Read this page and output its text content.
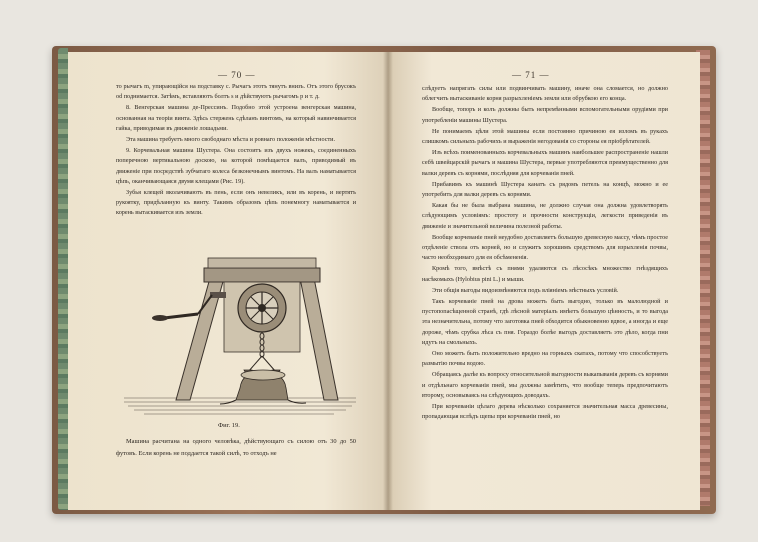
— 70 —

то рычагъ m, упирающійся на подставку c. Рычагъ этотъ тянутъ внизъ. Отъ этого брусокъ od поднимается. Затѣмъ, вставляютъ болтъ s и дѣйствуютъ рычагомъ p и т. д.

8. Венгерская машина де-Прессинъ. Подобно этой устроена венгерская машина, основанная на теоріи винта. Здѣсь стержень сдѣланъ винтомъ, на который навинчивается гайка, приводимая въ движеніе лошадьми.

Эта машина требуетъ много свободнаго мѣста и ровнаго положенія мѣстности.

9. Корчевальная машина Шустера. Она состоитъ изъ двухъ ножекъ, соединенныхъ поперечною вертикальною доскою, на которой помѣщается валъ, приводимый въ движеніе при посредствѣ зубчатаго колеса безконечнымъ винтомъ. На валъ наматывается цѣпь, оканчивающаяся двумя клещами (Рис. 19).

Зубья клещей вколачиваютъ въ пень, если онъ невеликъ, или въ корень, и вертятъ рукоятку, придѣланную къ винту. Такимъ образомъ цѣпь понемногу наматывается и корень вытаскивается изъ земли.

Фиг. 19.

Машина расчитана на одного человѣка, дѣйствующаго съ силою отъ 30 до 50 футовъ. Если корень не поддается такой силѣ, то отходъ не

— 71 —

слѣдуетъ напрягать силы или подвинчивать машину, иначе она сломается, но должно облегчить вытаскиваніе корня разрыхленіемъ земли или обрубкою его конца.

Вообще, топоръ и колъ должны быть непремѣнными вспомогательными орудіями при употребленіи машины Шустера.

Не понимаемъ цѣли этой машины если постоянно причиною ея изломъ въ рукахъ слишкомъ сильныхъ рабочихъ и выраженія негодованія со стороны ея пріобрѣтателей.

Изъ всѣхъ поименованныхъ корчевальныхъ машинъ наибольшее распространеніе нашли себѣ швейцарскій рычагъ и машина Шустера, первые употребляются преимущественно для валки деревъ съ корнями, послѣдняя для корчеванія пней.

Прибавимъ къ машинѣ Шустера канатъ съ рядомъ петель на концѣ, можно и ее употребить для валки деревъ съ корнями.

Какая бы не была выбрана машина, не должно случая она должна удовлетворять слѣдующимъ условіямъ: простоту и прочности конструкціи, легкости приведенія въ движеніе и значительной величина полезной работы.

Вообще корчеваніе пней неудобно доставляетъ большую древесную массу, чѣмъ простое отдѣленіе ствола отъ корней, но и служитъ хорошимъ средствомъ для взрыхленія почвы, часто необходимаго для ея обсѣмененія.

Кромѣ того, вмѣстѣ съ пнями удаляются съ лѣсосѣкъ множество гнѣздящихъ насѣкомыхъ (Hylobius pini L.) и мыши.

Эти общія выгоды видоизмѣняются подъ вліяніемъ мѣстныхъ условій.

Такъ корчеваніе пней на дрова можетъ быть выгодно, только въ малолюдной и пустопопасѣщенной странѣ, гдѣ лѣсной матеріалъ имѣетъ большую цѣнность, и то выгода эта незначительна, потому что заготовка пней обходится обыкновенно вдвое, а иногда и еще дороже, чѣмъ срубка лѣса съ пня. Гораздо болѣе выгодъ доставляетъ это дѣло, когда пни идутъ на смольныхъ.

Оно можетъ быть положительно вредно на горныхъ скатахъ, потому что способствуетъ размытію почвы водою.

Обращаясь далѣе къ вопросу относительной выгодности выкапыванія деревъ съ корнями и отдѣльнаго корчеванія пней, мы должны замѣтить, что вообще теперь предпочитаютъ второму, основываясь на слѣдующихъ доводахъ.

При корчеваніи цѣлаго дерева нѣсколько сохраняется значительная масса древесины, пропадающая вслѣдъ щепы при корчеваніи пней, но
